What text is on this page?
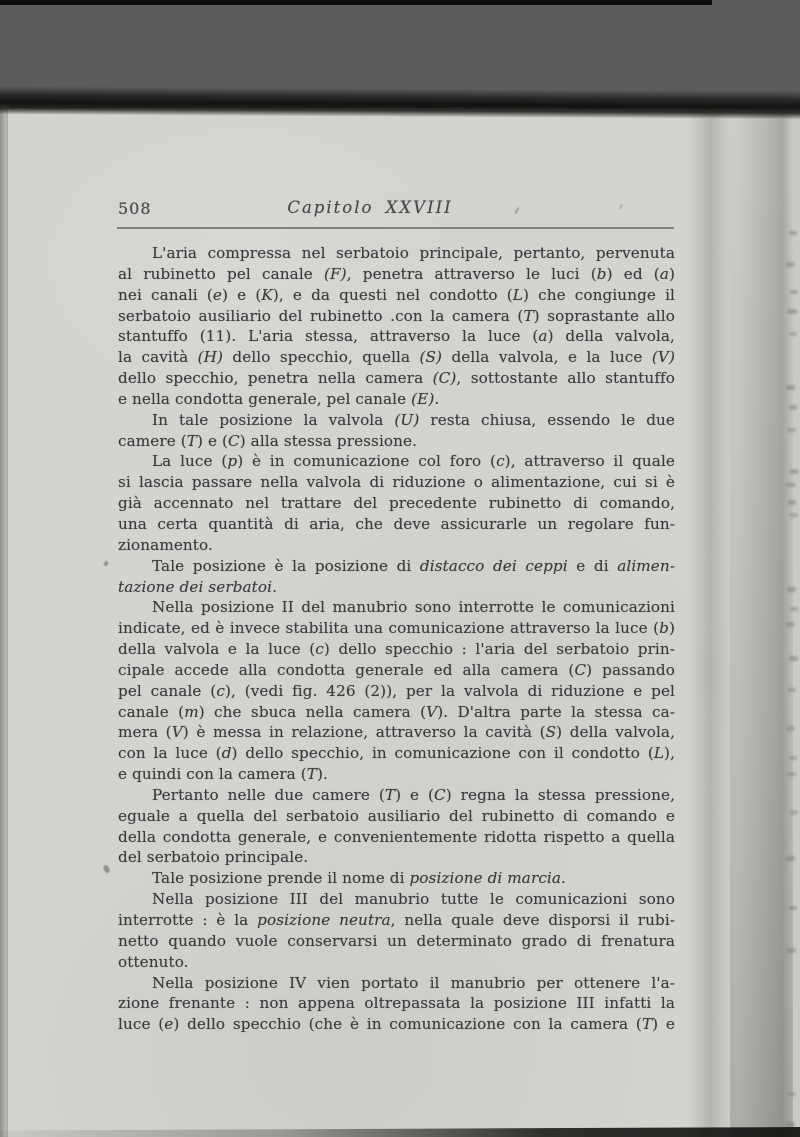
508	Capitolo XXVIII
L'aria compressa nel serbatoio principale, pertanto, pervenuta
al rubinetto pel canale (F), penetra attraverso le luci (b) ed (a)
nei canali (e) e (K), e da questi nel condotto (L) che congiunge il
serbatoio ausiliario del rubinetto .con la camera (T) soprastante allo
stantuffo (11). L'aria stessa, attraverso la luce (a) della valvola,
la cavità (H) dello specchio, quella (S) della valvola, e la luce (V)
dello specchio, penetra nella camera (C), sottostante allo stantuffo
e nella condotta generale, pel canale (E).
In tale posizione la valvola (U) resta chiusa, essendo le due
camere (T) e (C) alla stessa pressione.
La luce (p) è in comunicazione col foro (c), attraverso il quale
si lascia passare nella valvola di riduzione o alimentazione, cui si è
già accennato nel trattare del precedente rubinetto di comando,
una certa quantità di aria, che deve assicurarle un regolare fun-
zionamento.
Tale posizione è la posizione di distacco dei ceppi e di alimen-
tazione dei serbatoi.
Nella posizione II del manubrio sono interrotte le comunicazioni
indicate, ed è invece stabilita una comunicazione attraverso la luce (b)
della valvola e la luce (c) dello specchio : l'aria del serbatoio prin-
cipale accede alla condotta generale ed alla camera (C) passando
pel canale (c), (vedi fig. 426 (2)), per la valvola di riduzione e pel
canale (m) che sbuca nella camera (V). D'altra parte la stessa ca-
mera (V) è messa in relazione, attraverso la cavità (S) della valvola,
con la luce (d) dello specchio, in comunicazione con il condotto (L),
e quindi con la camera (T).
Pertanto nelle due camere (T) e (C) regna la stessa pressione,
eguale a quella del serbatoio ausiliario del rubinetto di comando e
della condotta generale, e convenientemente ridotta rispetto a quella
del serbatoio principale.
Tale posizione prende il nome di posizione di marcia.
Nella posizione III del manubrio tutte le comunicazioni sono
interrotte : è la posizione neutra, nella quale deve disporsi il rubi-
netto quando vuole conservarsi un determinato grado di frenatura
ottenuto.
Nella posizione IV vien portato il manubrio per ottenere l'a-
zione frenante : non appena oltrepassata la posizione III infatti la
luce (e) dello specchio (che è in comunicazione con la camera (T) e
